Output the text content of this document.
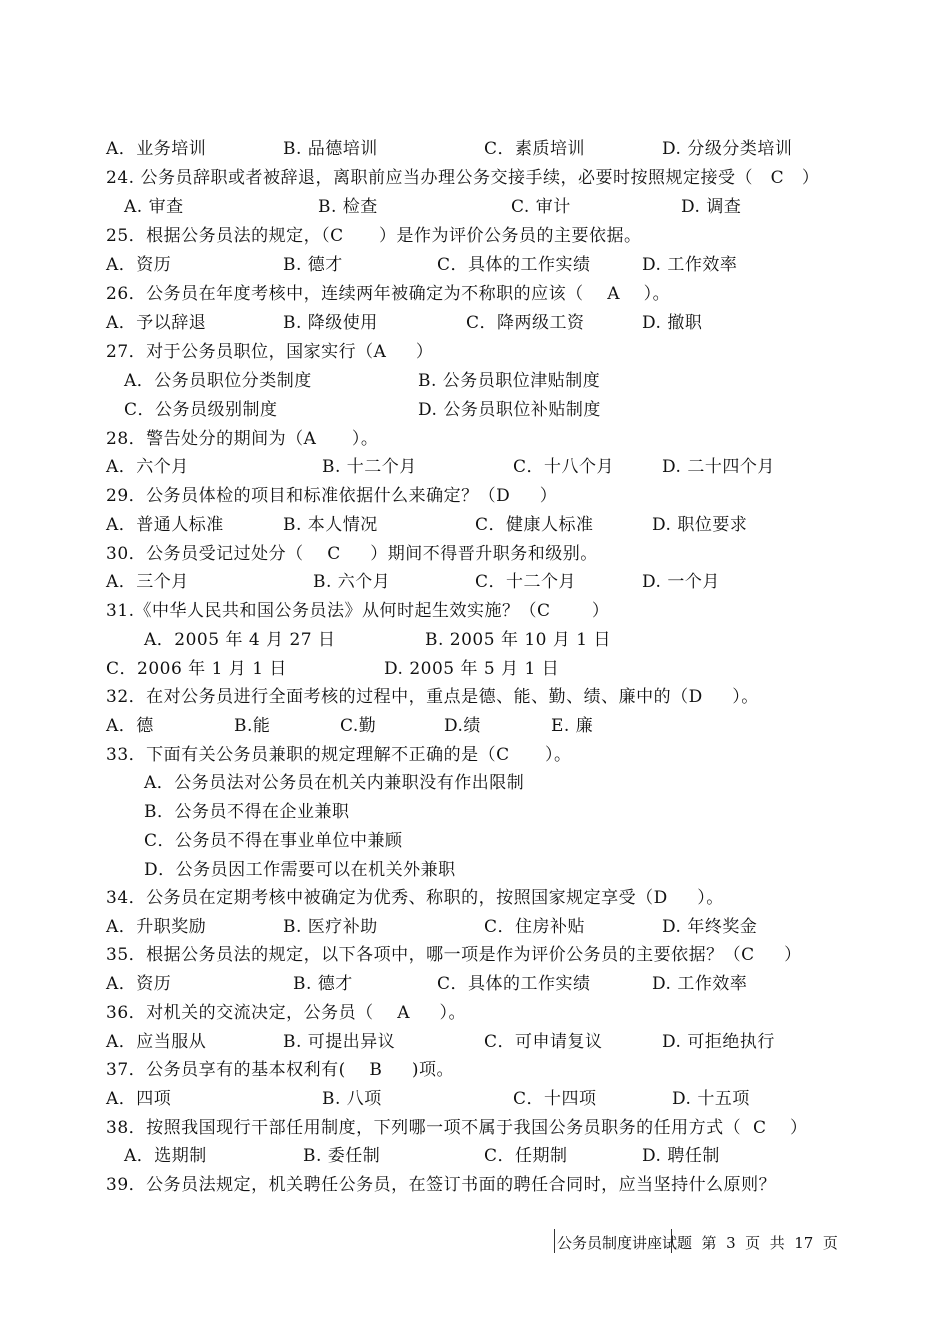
A．业务培训	B. 品德培训	C．素质培训	D. 分级分类培训
24. 公务员辞职或者被辞退，离职前应当办理公务交接手续，必要时按照规定接受（   C   ）
A. 审查	B. 检查	C. 审计	D. 调查
25．根据公务员法的规定，（C      ）是作为评价公务员的主要依据。
A．资历	B. 德才	C．具体的工作实绩	D. 工作效率
26．公务员在年度考核中，连续两年被确定为不称职的应该（    A    ）。
A．予以辞退	B. 降级使用	C．降两级工资	D. 撤职
27．对于公务员职位，国家实行（A     ）
A．公务员职位分类制度	B. 公务员职位津贴制度
C．公务员级别制度	D. 公务员职位补贴制度
28．警告处分的期间为（A      ）。
A．六个月	B. 十二个月	C．十八个月	D. 二十四个月
29．公务员体检的项目和标准依据什么来确定？（D     ）
A．普通人标准	B. 本人情况	C．健康人标准	D. 职位要求
30．公务员受记过处分（    C     ）期间不得晋升职务和级别。
A．三个月	B. 六个月	C．十二个月	D. 一个月
31.《中华人民共和国公务员法》从何时起生效实施？（C       ）
A．2005 年 4 月 27 日	B. 2005 年 10 月 1 日
C．2006 年 1 月 1 日	D. 2005 年 5 月 1 日
32．在对公务员进行全面考核的过程中，重点是德、能、勤、绩、廉中的（D     ）。
A．德	B.能	C.勤	D.绩	E. 廉
33．下面有关公务员兼职的规定理解不正确的是（C      ）。
A．公务员法对公务员在机关内兼职没有作出限制
B．公务员不得在企业兼职
C．公务员不得在事业单位中兼顾
D．公务员因工作需要可以在机关外兼职
34．公务员在定期考核中被确定为优秀、称职的，按照国家规定享受（D     ）。
A．升职奖励	B. 医疗补助	C．住房补贴	D. 年终奖金
35．根据公务员法的规定，以下各项中，哪一项是作为评价公务员的主要依据？（C     ）
A．资历	B. 德才	C．具体的工作实绩	D. 工作效率
36．对机关的交流决定，公务员（    A     ）。
A．应当服从	B. 可提出异议	C．可申请复议	D. 可拒绝执行
37．公务员享有的基本权利有(    B     )项。
A．四项	B. 八项	C．十四项	D. 十五项
38．按照我国现行干部任用制度，下列哪一项不属于我国公务员职务的任用方式（  C    ）
A．选期制	B. 委任制	C．任期制	D. 聘任制
39．公务员法规定，机关聘任公务员，在签订书面的聘任合同时，应当坚持什么原则？
公务员制度讲座试题  第  3  页  共  17  页
